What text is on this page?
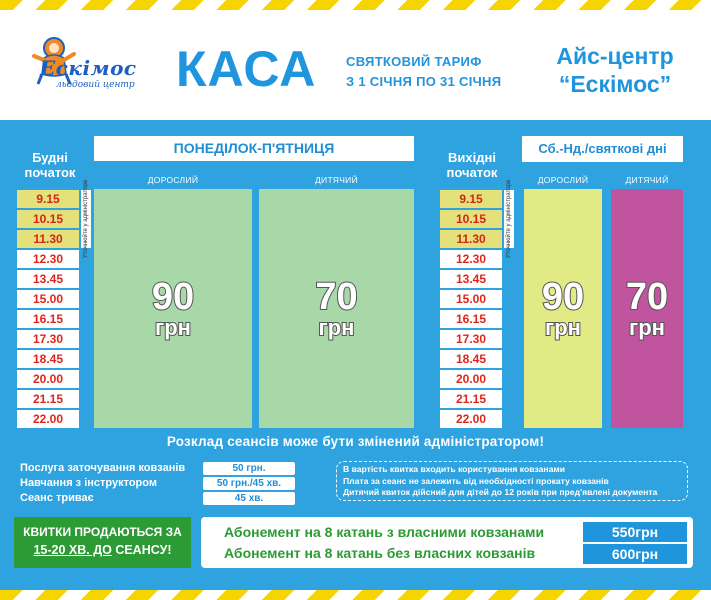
Ескімос
льодовий центр КАСА СВЯТКОВИЙ ТАРИФ
З 1 СІЧНЯ ПО 31 СІЧНЯ
Айс-центр
“Ескімос”
Будні
початок
ПОНЕДІЛОК-П'ЯТНИЦЯ
ДОРОСЛИЙ	ДИТЯЧИЙ
9.15
10.15
11.30
12.30
13.45
15.00
16.15
17.30
18.45
20.00
21.15
22.00
Уточнюйте у адміністратора
90
грн
70
грн
Вихідні
початок
Сб.-Нд./святкові дні
ДОРОСЛИЙ	ДИТЯЧИЙ
9.15
10.15
11.30
12.30
13.45
15.00
16.15
17.30
18.45
20.00
21.15
22.00
Уточнюйте у адміністратора
90
грн
70
грн
Розклад сеансів може бути змінений адміністратором!
Послуга заточування ковзанів	50 грн.
Навчання з інструктором	50 грн./45 хв.
Сеанс триває	45 хв.
В вартість квитка входить користування ковзанами
Плата за сеанс не залежить від необхідності прокату ковзанів
Дитячий квиток дійсний для дітей до 12 років при пред'явлені документа
КВИТКИ ПРОДАЮТЬСЯ ЗА
15-20 ХВ. ДО СЕАНСУ!
Абонемент на 8 катань з власними ковзанами	550грн
Абонемент на 8 катань без власних ковзанів	600грн
